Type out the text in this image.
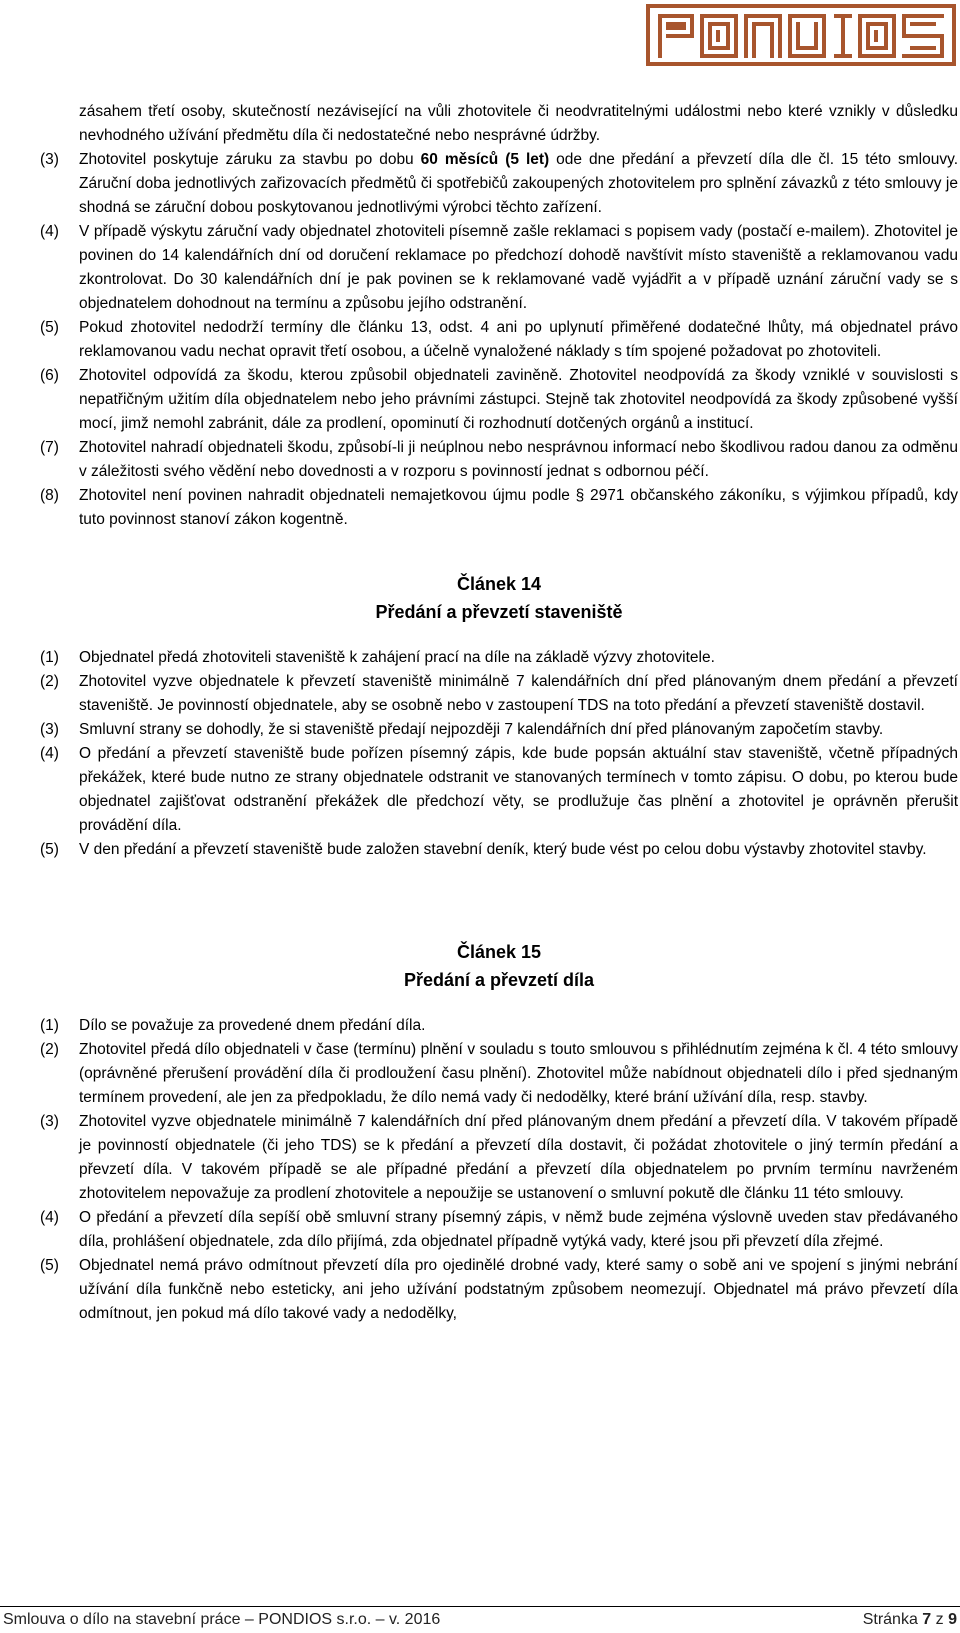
zásahem třetí osoby, skutečností nezávisející na vůli zhotovitele či neodvratitelnými událostmi nebo které vznikly v důsledku nevhodného užívání předmětu díla či nedostatečné nebo nesprávné údržby.

(3)	Zhotovitel poskytuje záruku za stavbu po dobu 60 měsíců (5 let) ode dne předání a převzetí díla dle čl. 15 této smlouvy. Záruční doba jednotlivých zařizovacích předmětů či spotřebičů zakoupených zhotovitelem pro splnění závazků z této smlouvy je shodná se záruční dobou poskytovanou jednotlivými výrobci těchto zařízení.
(4)	V případě výskytu záruční vady objednatel zhotoviteli písemně zašle reklamaci s popisem vady (postačí e-mailem). Zhotovitel je povinen do 14 kalendářních dní od doručení reklamace po předchozí dohodě navštívit místo staveniště a reklamovanou vadu zkontrolovat. Do 30 kalendářních dní je pak povinen se k reklamované vadě vyjádřit a v případě uznání záruční vady se s objednatelem dohodnout na termínu a způsobu jejího odstranění.
(5)	Pokud zhotovitel nedodrží termíny dle článku 13, odst. 4 ani po uplynutí přiměřené dodatečné lhůty, má objednatel právo reklamovanou vadu nechat opravit třetí osobou, a účelně vynaložené náklady s tím spojené požadovat po zhotoviteli.
(6)	Zhotovitel odpovídá za škodu, kterou způsobil objednateli zaviněně. Zhotovitel neodpovídá za škody vzniklé v souvislosti s nepatřičným užitím díla objednatelem nebo jeho právními zástupci. Stejně tak zhotovitel neodpovídá za škody způsobené vyšší mocí, jimž nemohl zabránit, dále za prodlení, opominutí či rozhodnutí dotčených orgánů a institucí.
(7)	Zhotovitel nahradí objednateli škodu, způsobí-li ji neúplnou nebo nesprávnou informací nebo škodlivou radou danou za odměnu v záležitosti svého vědění nebo dovednosti a v rozporu s povinností jednat s odbornou péčí.
(8)	Zhotovitel není povinen nahradit objednateli nemajetkovou újmu podle § 2971 občanského zákoníku, s výjimkou případů, kdy tuto povinnost stanoví zákon kogentně.
Článek 14
Předání a převzetí staveniště
(1)	Objednatel předá zhotoviteli staveniště k zahájení prací na díle na základě výzvy zhotovitele.
(2)	Zhotovitel vyzve objednatele k převzetí staveniště minimálně 7 kalendářních dní před plánovaným dnem předání a převzetí staveniště. Je povinností objednatele, aby se osobně nebo v zastoupení TDS na toto předání a převzetí staveniště dostavil.
(3)	Smluvní strany se dohodly, že si staveniště předají nejpozději 7 kalendářních dní před plánovaným započetím stavby.
(4)	O předání a převzetí staveniště bude pořízen písemný zápis, kde bude popsán aktuální stav staveniště, včetně případných překážek, které bude nutno ze strany objednatele odstranit ve stanovaných termínech v tomto zápisu. O dobu, po kterou bude objednatel zajišťovat odstranění překážek dle předchozí věty, se prodlužuje čas plnění a zhotovitel je oprávněn přerušit provádění díla.
(5)	V den předání a převzetí staveniště bude založen stavební deník, který bude vést po celou dobu výstavby zhotovitel stavby.
Článek 15
Předání a převzetí díla
(1)	Dílo se považuje za provedené dnem předání díla.
(2)	Zhotovitel předá dílo objednateli v čase (termínu) plnění v souladu s touto smlouvou s přihlédnutím zejména k čl. 4 této smlouvy (oprávněné přerušení provádění díla či prodloužení času plnění). Zhotovitel může nabídnout objednateli dílo i před sjednaným termínem provedení, ale jen za předpokladu, že dílo nemá vady či nedodělky, které brání užívání díla, resp. stavby.
(3)	Zhotovitel vyzve objednatele minimálně 7 kalendářních dní před plánovaným dnem předání a převzetí díla. V takovém případě je povinností objednatele (či jeho TDS) se k předání a převzetí díla dostavit, či požádat zhotovitele o jiný termín předání a převzetí díla. V takovém případě se ale případné předání a převzetí díla objednatelem po prvním termínu navrženém zhotovitelem nepovažuje za prodlení zhotovitele a nepoužije se ustanovení o smluvní pokutě dle článku 11 této smlouvy.
(4)	O předání a převzetí díla sepíší obě smluvní strany písemný zápis, v němž bude zejména výslovně uveden stav předávaného díla, prohlášení objednatele, zda dílo přijímá, zda objednatel případně vytýká vady, které jsou při převzetí díla zřejmé.
(5)	Objednatel nemá právo odmítnout převzetí díla pro ojedinělé drobné vady, které samy o sobě ani ve spojení s jinými nebrání užívání díla funkčně nebo esteticky, ani jeho užívání podstatným způsobem neomezují. Objednatel má právo převzetí díla odmítnout, jen pokud má dílo takové vady a nedodělky,
Smlouva o dílo na stavební práce – PONDIOS s.r.o. – v. 2016	Stránka 7 z 9
